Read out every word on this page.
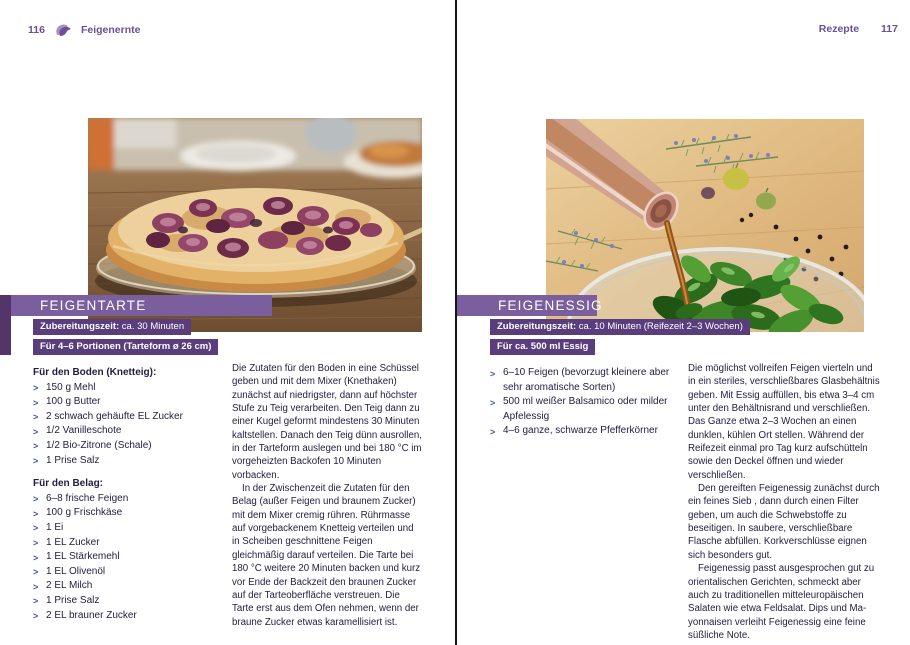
116	Feigenernte
FEIGENTARTE
Zubereitungszeit: ca. 30 Minuten
Für 4–6 Portionen (Tarteform ø 26 cm)
Für den Boden (Knetteig):
> 150 g Mehl
> 100 g Butter
> 2 schwach gehäufte EL Zucker
> 1/2 Vanilleschote
> 1/2 Bio-Zitrone (Schale)
> 1 Prise Salz
Für den Belag:
> 6–8 frische Feigen
> 100 g Frischkäse
> 1 Ei
> 1 EL Zucker
> 1 EL Stärkemehl
> 1 EL Olivenöl
> 2 EL Milch
> 1 Prise Salz
> 2 EL brauner Zucker

Die Zutaten für den Boden in eine Schüssel geben und mit dem Mixer (Knethaken) zunächst auf niedrigster, dann auf höchster Stufe zu Teig verarbeiten. Den Teig dann zu einer Kugel geformt mindestens 30 Minuten kaltstellen. Danach den Teig dünn ausrollen, in der Tarteform auslegen und bei 180 °C im vorgeheizten Backofen 10 Minuten vorbacken.

In der Zwischenzeit die Zutaten für den Belag (außer Feigen und braunem Zucker) mit dem Mixer cremig rühren. Rührmasse auf vorgebackenem Knetteig verteilen und in Scheiben geschnittene Feigen gleichmäßig darauf verteilen. Die Tarte bei 180 °C weitere 20 Minuten backen und kurz vor Ende der Backzeit den braunen Zucker auf der Tarteoberfläche verstreuen. Die Tarte erst aus dem Ofen nehmen, wenn der braune Zucker etwas karamellisiert ist.

Rezepte 117
FEIGENESSIG
Zubereitungszeit: ca. 10 Minuten (Reifezeit 2–3 Wochen)
Für ca. 500 ml Essig
> 6–10 Feigen (bevorzugt kleinere aber sehr aromatische Sorten)
> 500 ml weißer Balsamico oder milder Apfelessig
> 4–6 ganze, schwarze Pfefferkörner

Die möglichst vollreifen Feigen vierteln und in ein steriles, verschließbares Glasbehältnis geben. Mit Essig auffüllen, bis etwa 3–4 cm unter den Behältnisrand und verschließen. Das Ganze etwa 2–3 Wochen an einen dunklen, kühlen Ort stellen. Während der Reifezeit einmal pro Tag kurz aufschütteln sowie den Deckel öffnen und wieder verschließen.

Den gereiften Feigenessig zunächst durch ein feines Sieb , dann durch einen Filter geben, um auch die Schwebstoffe zu beseitigen. In saubere, verschließbare Flasche abfüllen. Korkverschlüsse eignen sich besonders gut.

Feigenessig passt ausgesprochen gut zu orientalischen Gerichten, schmeckt aber auch zu traditionellen mitteleuropäischen Salaten wie etwa Feldsalat. Dips und Ma-yonnaisen verleiht Feigenessig eine feine süßliche Note.
